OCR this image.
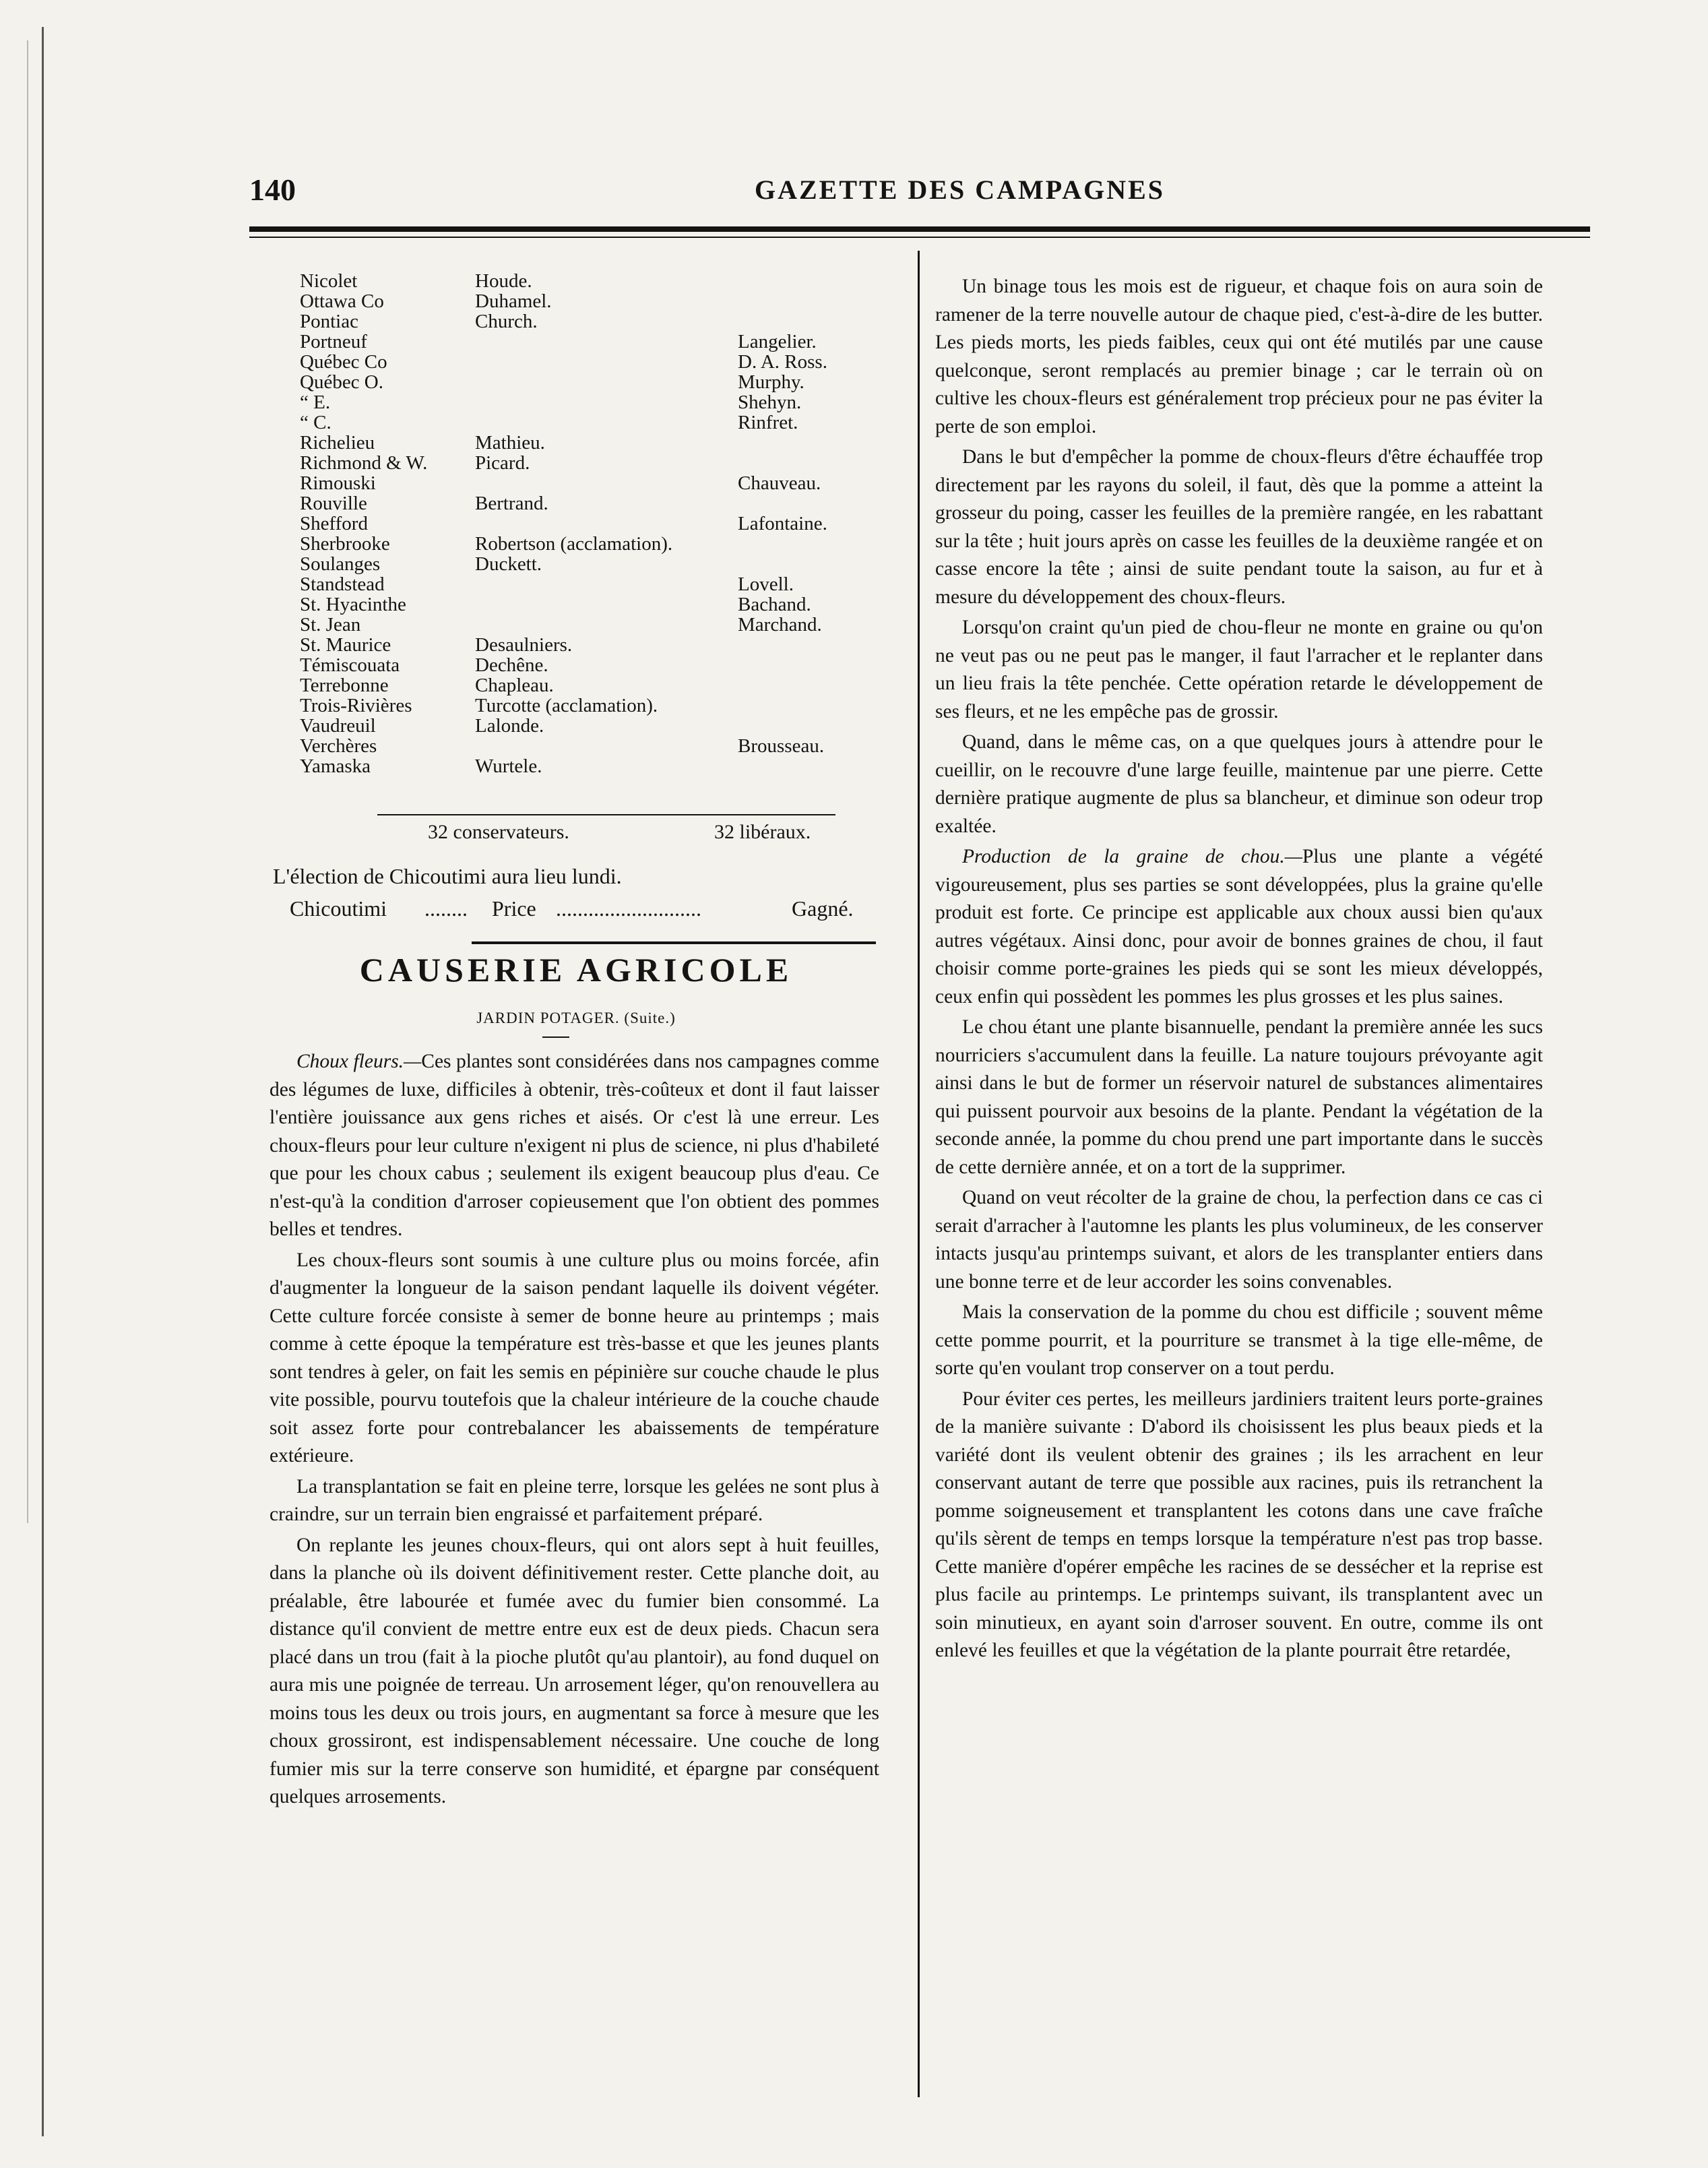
140	GAZETTE DES CAMPAGNES
Nicolet	Houde.
Ottawa Co	Duhamel.
Pontiac	Church.
Portneuf	Langelier.
Québec Co	D. A. Ross.
Québec O.	Murphy.
“ E.	Shehyn.
“ C.	Rinfret.
Richelieu	Mathieu.
Richmond & W. Picard.
Rimouski	Chauveau.
Rouville	Bertrand.
Shefford	Lafontaine.
Sherbrooke	Robertson (acclamation).
Soulanges	Duckett.
Standstead	Lovell.
St. Hyacinthe	Bachand.
St. Jean	Marchand.
St. Maurice	Desaulniers.
Témiscouata	Dechêne.
Terrebonne	Chapleau.
Trois-Rivières	Turcotte (acclamation).
Vaudreuil	Lalonde.
Verchères	Brousseau.
Yamaska	Wurtele.
32 conservateurs.	32 libéraux.
L'élection de Chicoutimi aura lieu lundi.
Chicoutimi ........ Price ...........................	Gagné.
CAUSERIE AGRICOLE
JARDIN POTAGER. (Suite.)

Choux fleurs.—Ces plantes sont considérées dans nos campagnes comme des légumes de luxe, difficiles à obtenir, très-coûteux et dont il faut laisser l'entière jouissance aux gens riches et aisés. Or c'est là une erreur. Les choux-fleurs pour leur culture n'exigent ni plus de science, ni plus d'habileté que pour les choux cabus ; seulement ils exigent beaucoup plus d'eau. Ce n'est-qu'à la condition d'arroser copieusement que l'on obtient des pommes belles et tendres.

Les choux-fleurs sont soumis à une culture plus ou moins forcée, afin d'augmenter la longueur de la saison pendant laquelle ils doivent végéter. Cette culture forcée consiste à semer de bonne heure au printemps ; mais comme à cette époque la température est très-basse et que les jeunes plants sont tendres à geler, on fait les semis en pépinière sur couche chaude le plus vite possible, pourvu toutefois que la chaleur intérieure de la couche chaude soit assez forte pour contrebalancer les abaissements de température extérieure.

La transplantation se fait en pleine terre, lorsque les gelées ne sont plus à craindre, sur un terrain bien engraissé et parfaitement préparé.

On replante les jeunes choux-fleurs, qui ont alors sept à huit feuilles, dans la planche où ils doivent définitivement rester. Cette planche doit, au préalable, être labourée et fumée avec du fumier bien consommé. La distance qu'il convient de mettre entre eux est de deux pieds. Chacun sera placé dans un trou (fait à la pioche plutôt qu'au plantoir), au fond duquel on aura mis une poignée de terreau. Un arrosement léger, qu'on renouvellera au moins tous les deux ou trois jours, en augmentant sa force à mesure que les choux grossiront, est indispensablement nécessaire. Une couche de long fumier mis sur la terre conserve son humidité, et épargne par conséquent quelques arrosements.

Un binage tous les mois est de rigueur, et chaque fois on aura soin de ramener de la terre nouvelle autour de chaque pied, c'est-à-dire de les butter. Les pieds morts, les pieds faibles, ceux qui ont été mutilés par une cause quelconque, seront remplacés au premier binage ; car le terrain où on cultive les choux-fleurs est généralement trop précieux pour ne pas éviter la perte de son emploi.

Dans le but d'empêcher la pomme de choux-fleurs d'être échauffée trop directement par les rayons du soleil, il faut, dès que la pomme a atteint la grosseur du poing, casser les feuilles de la première rangée, en les rabattant sur la tête ; huit jours après on casse les feuilles de la deuxième rangée et on casse encore la tête ; ainsi de suite pendant toute la saison, au fur et à mesure du développement des choux-fleurs.

Lorsqu'on craint qu'un pied de chou-fleur ne monte en graine ou qu'on ne veut pas ou ne peut pas le manger, il faut l'arracher et le replanter dans un lieu frais la tête penchée. Cette opération retarde le développement de ses fleurs, et ne les empêche pas de grossir.

Quand, dans le même cas, on a que quelques jours à attendre pour le cueillir, on le recouvre d'une large feuille, maintenue par une pierre. Cette dernière pratique augmente de plus sa blancheur, et diminue son odeur trop exaltée.

Production de la graine de chou.—Plus une plante a végété vigoureusement, plus ses parties se sont développées, plus la graine qu'elle produit est forte. Ce principe est applicable aux choux aussi bien qu'aux autres végétaux. Ainsi donc, pour avoir de bonnes graines de chou, il faut choisir comme porte-graines les pieds qui se sont les mieux développés, ceux enfin qui possèdent les pommes les plus grosses et les plus saines.

Le chou étant une plante bisannuelle, pendant la première année les sucs nourriciers s'accumulent dans la feuille. La nature toujours prévoyante agit ainsi dans le but de former un réservoir naturel de substances alimentaires qui puissent pourvoir aux besoins de la plante. Pendant la végétation de la seconde année, la pomme du chou prend une part importante dans le succès de cette dernière année, et on a tort de la supprimer.

Quand on veut récolter de la graine de chou, la perfection dans ce cas ci serait d'arracher à l'automne les plants les plus volumineux, de les conserver intacts jusqu'au printemps suivant, et alors de les transplanter entiers dans une bonne terre et de leur accorder les soins convenables.

Mais la conservation de la pomme du chou est difficile ; souvent même cette pomme pourrit, et la pourriture se transmet à la tige elle-même, de sorte qu'en voulant trop conserver on a tout perdu.

Pour éviter ces pertes, les meilleurs jardiniers traitent leurs porte-graines de la manière suivante : D'abord ils choisissent les plus beaux pieds et la variété dont ils veulent obtenir des graines ; ils les arrachent en leur conservant autant de terre que possible aux racines, puis ils retranchent la pomme soigneusement et transplantent les cotons dans une cave fraîche qu'ils sèrent de temps en temps lorsque la température n'est pas trop basse. Cette manière d'opérer empêche les racines de se dessécher et la reprise est plus facile au printemps. Le printemps suivant, ils transplantent avec un soin minutieux, en ayant soin d'arroser souvent. En outre, comme ils ont enlevé les feuilles et que la végétation de la plante pourrait être retardée,
